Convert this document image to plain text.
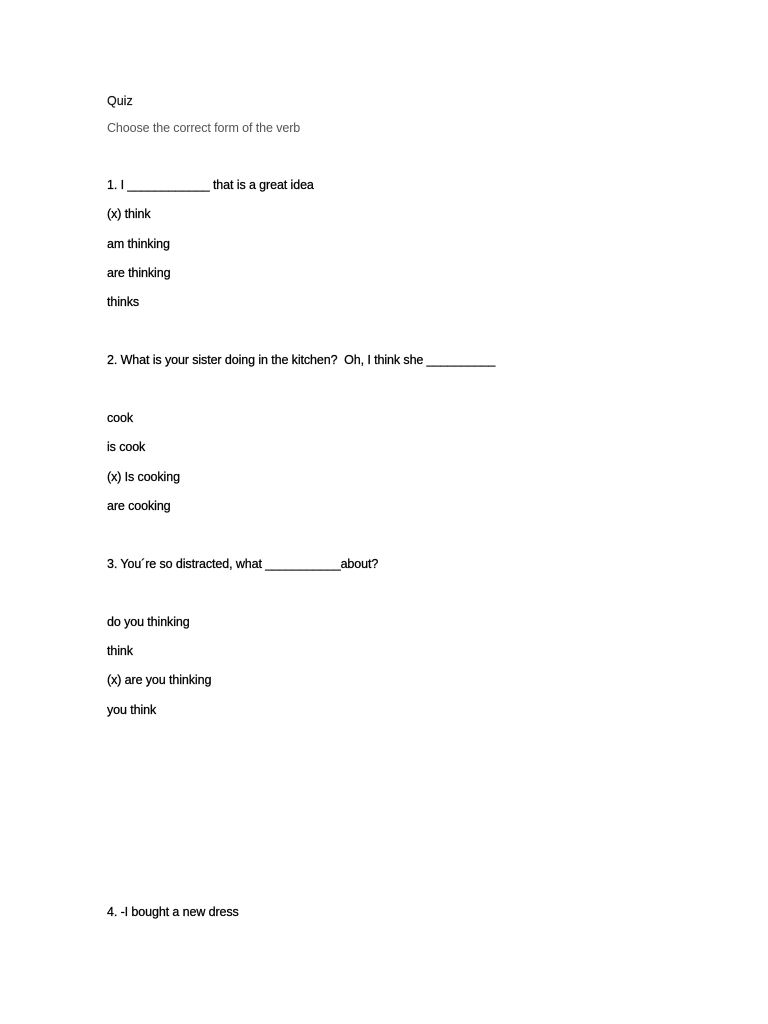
Quiz
Choose the correct form of the verb
1. I ____________ that is a great idea
(x) think
am thinking
are thinking
thinks
2. What is your sister doing in the kitchen?  Oh, I think she __________
cook
is cook
(x) Is cooking
are cooking
3. You´re so distracted, what ___________about?
do you thinking
think
(x) are you thinking
you think
4. -I bought a new dress
